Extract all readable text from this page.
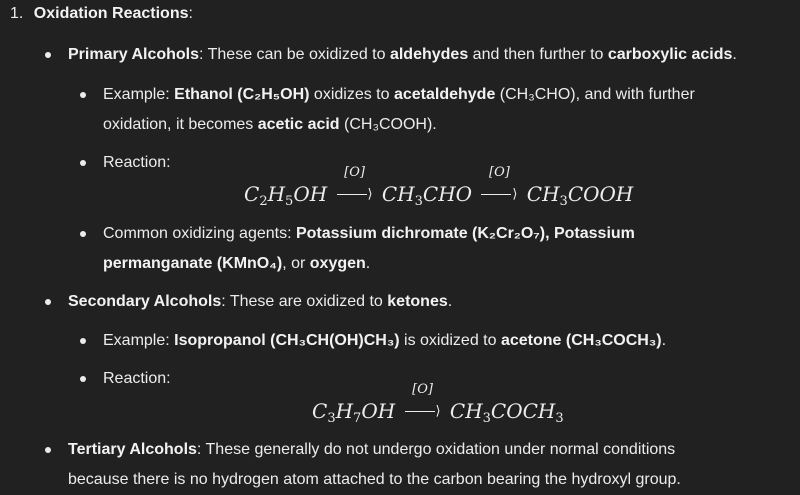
1. Oxidation Reactions:
Primary Alcohols: These can be oxidized to aldehydes and then further to carboxylic acids.
Example: Ethanol (C₂H₅OH) oxidizes to acetaldehyde (CH₃CHO), and with further
oxidation, it becomes acetic acid (CH₃COOH).
Reaction:
$C_2H_5OH$
[O]
⟩ $CH_3CHO$
[O]
⟩ $CH_3COOH$
Common oxidizing agents: Potassium dichromate (K₂Cr₂O₇), Potassium
permanganate (KMnO₄), or oxygen.
Secondary Alcohols: These are oxidized to ketones.
Example: Isopropanol (CH₃CH(OH)CH₃) is oxidized to acetone (CH₃COCH₃).
Reaction:
$C_3H_7OH$
[O]
⟩ $CH_3COCH_3$
Tertiary Alcohols: These generally do not undergo oxidation under normal conditions
because there is no hydrogen atom attached to the carbon bearing the hydroxyl group.
